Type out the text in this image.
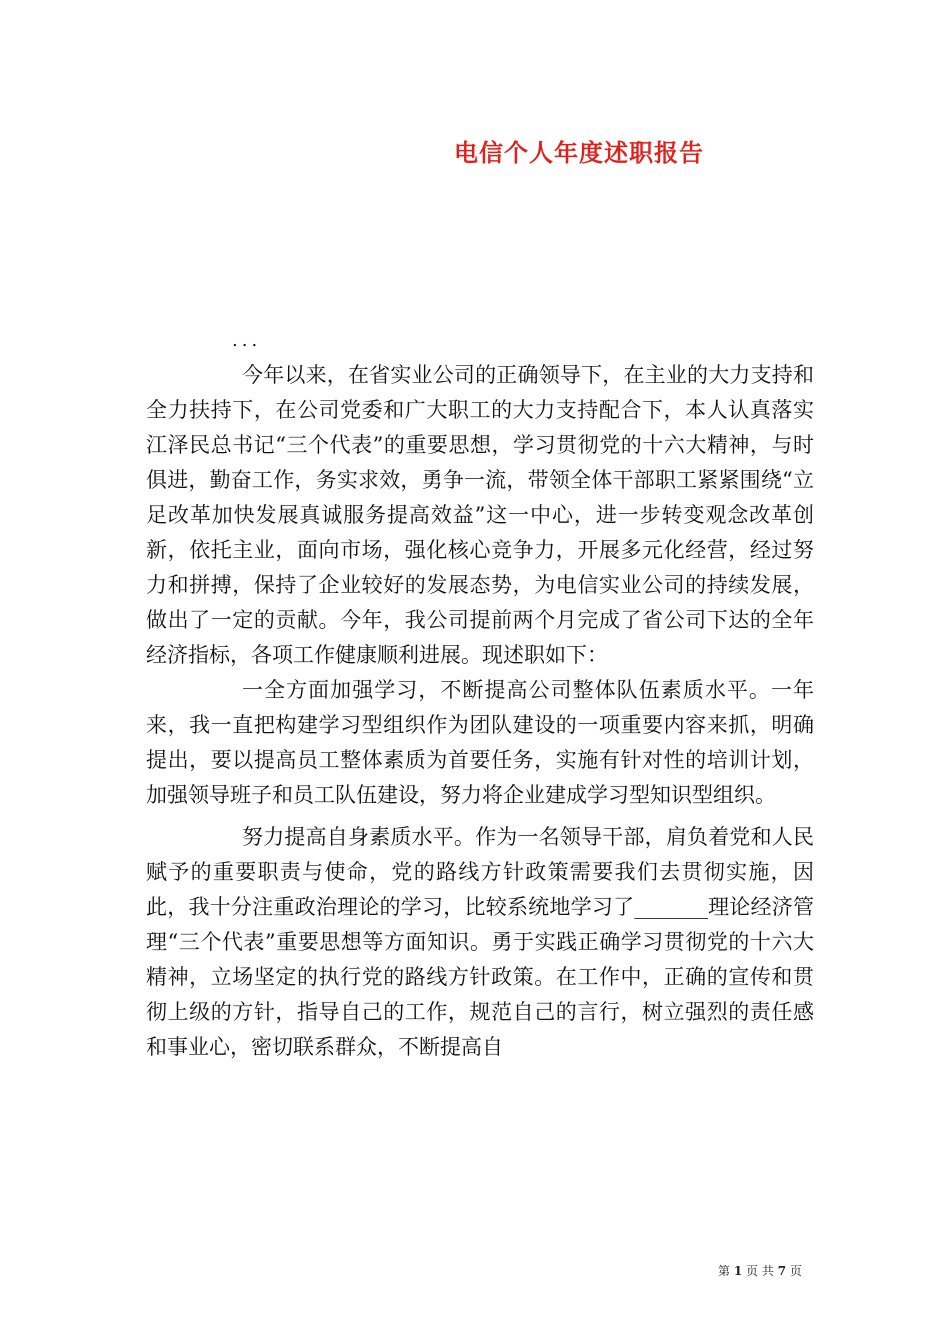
电信个人年度述职报告
...

今年以来，在省实业公司的正确领导下，在主业的大力支持和全力扶持下，在公司党委和广大职工的大力支持配合下，本人认真落实江泽民总书记“三个代表”的重要思想，学习贯彻党的十六大精神，与时俱进，勤奋工作，务实求效，勇争一流，带领全体干部职工紧紧围绕“立足改革加快发展真诚服务提高效益”这一中心，进一步转变观念改革创新，依托主业，面向市场，强化核心竞争力，开展多元化经营，经过努力和拼搏，保持了企业较好的发展态势，为电信实业公司的持续发展，做出了一定的贡献。今年，我公司提前两个月完成了省公司下达的全年经济指标，各项工作健康顺利进展。现述职如下：

一全方面加强学习，不断提高公司整体队伍素质水平。一年来，我一直把构建学习型组织作为团队建设的一项重要内容来抓，明确提出，要以提高员工整体素质为首要任务，实施有针对性的培训计划，加强领导班子和员工队伍建设，努力将企业建成学习型知识型组织。

努力提高自身素质水平。作为一名领导干部，肩负着党和人民赋予的重要职责与使命，党的路线方针政策需要我们去贯彻实施，因此，我十分注重政治理论的学习，比较系统地学习了_______理论经济管理“三个代表”重要思想等方面知识。勇于实践正确学习贯彻党的十六大精神，立场坚定的执行党的路线方针政策。在工作中，正确的宣传和贯彻上级的方针，指导自己的工作，规范自己的言行，树立强烈的责任感和事业心，密切联系群众，不断提高自

第 1 页 共 7 页
